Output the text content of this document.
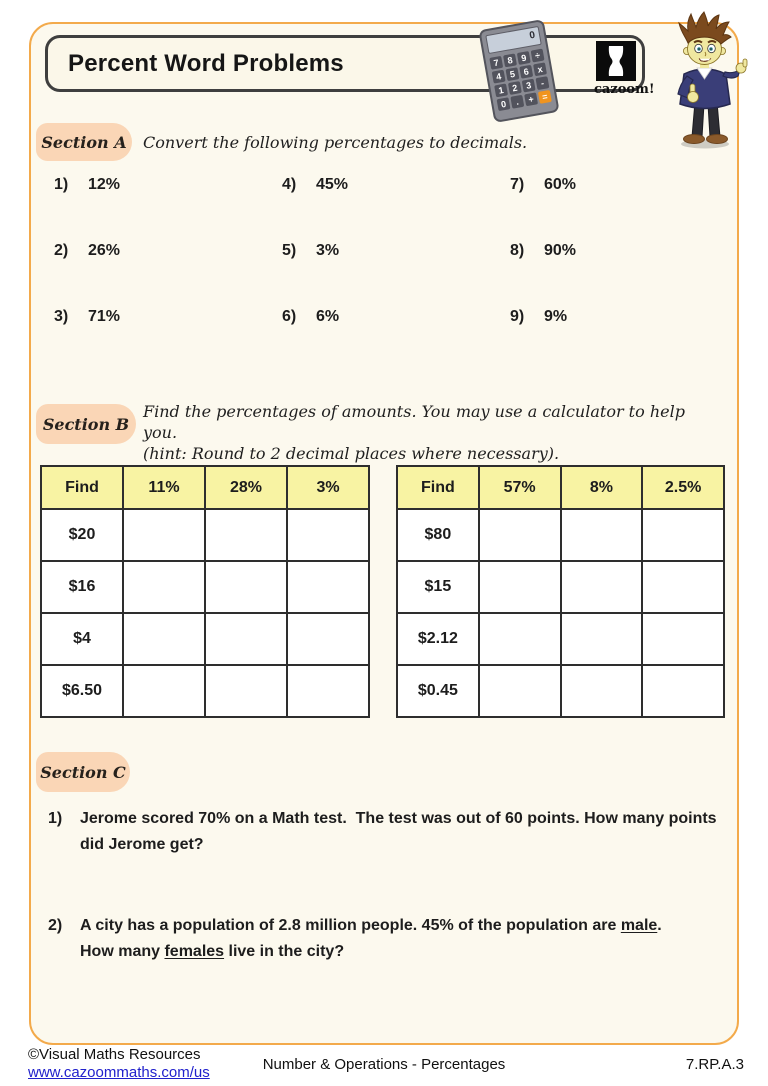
Percent Word Problems
0
7 8 9 ÷
4 5 6 x
1 2 3 -
0 . + =	cazoom!
Section A	Convert the following percentages to decimals.
1) 12%	4) 45%	7) 60%
2) 26%	5) 3%	8) 90%
3) 71%	6) 6%	9) 9%
Section B
Find the percentages of amounts. You may use a calculator to help you.
(hint: Round to 2 decimal places where necessary).
Find	11%	28%	3%
$20			
$16			
$4			
$6.50			
Find	57%	8%	2.5%
$80			
$15			
$2.12			
$0.45			
Section C
1)	Jerome scored 70% on a Math test.  The test was out of 60 points. How many points
did Jerome get?
2)	A city has a population of 2.8 million people. 45% of the population are male.
How many females live in the city?
©Visual Maths Resources
www.cazoommaths.com/us	Number & Operations - Percentages	7.RP.A.3
